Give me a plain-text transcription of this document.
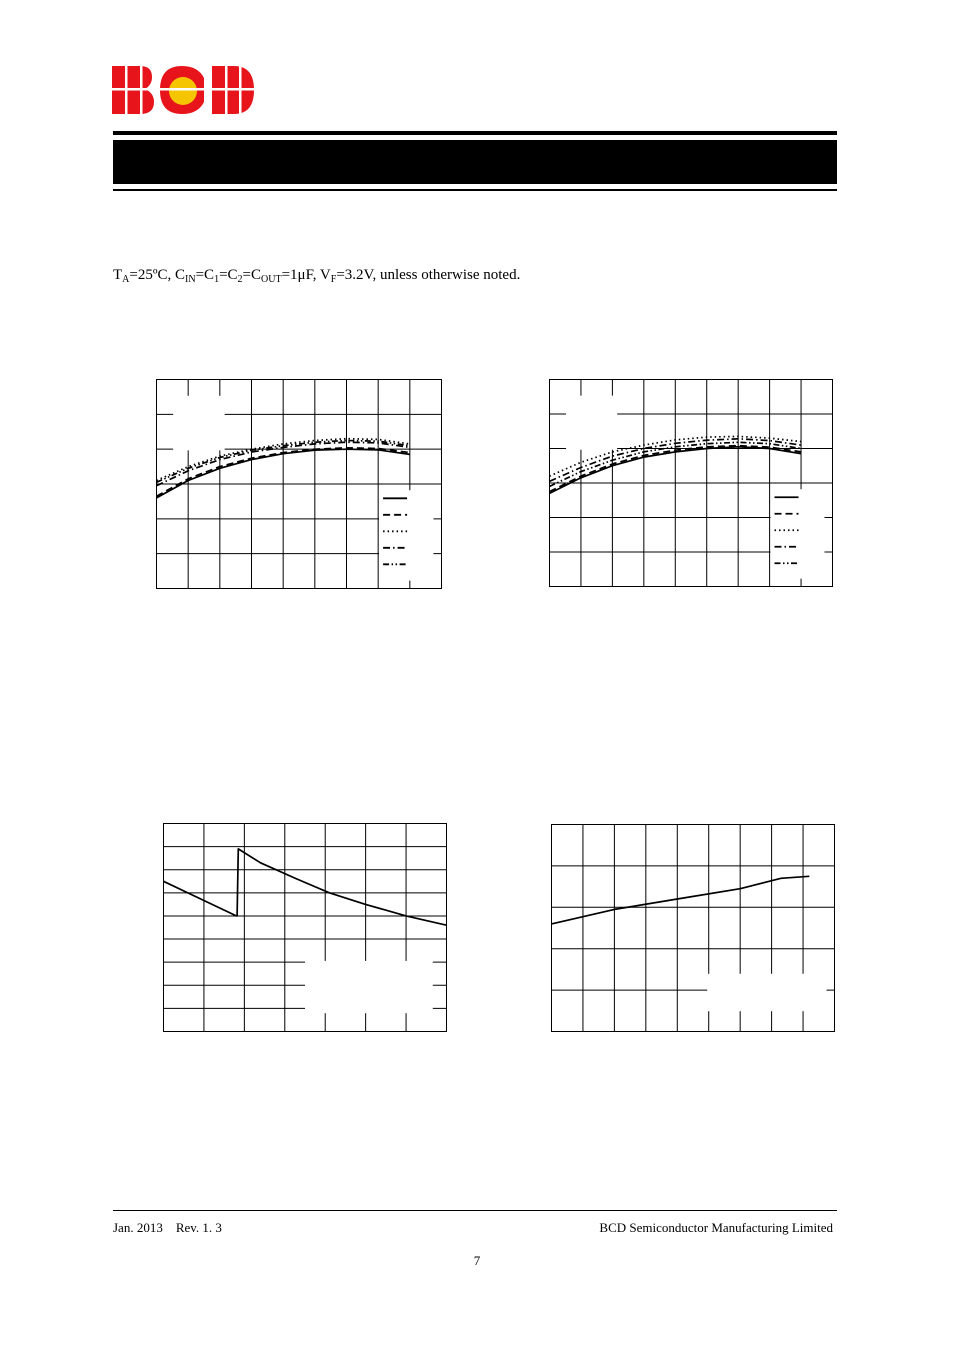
$T_A=25ºC$, $C_{IN}=C_1=C_2=C_{OUT}=1\mu F$, $V_F=3.2V$, unless otherwise noted.
Jan. 2013    Rev. 1. 3	BCD Semiconductor Manufacturing Limited
7
